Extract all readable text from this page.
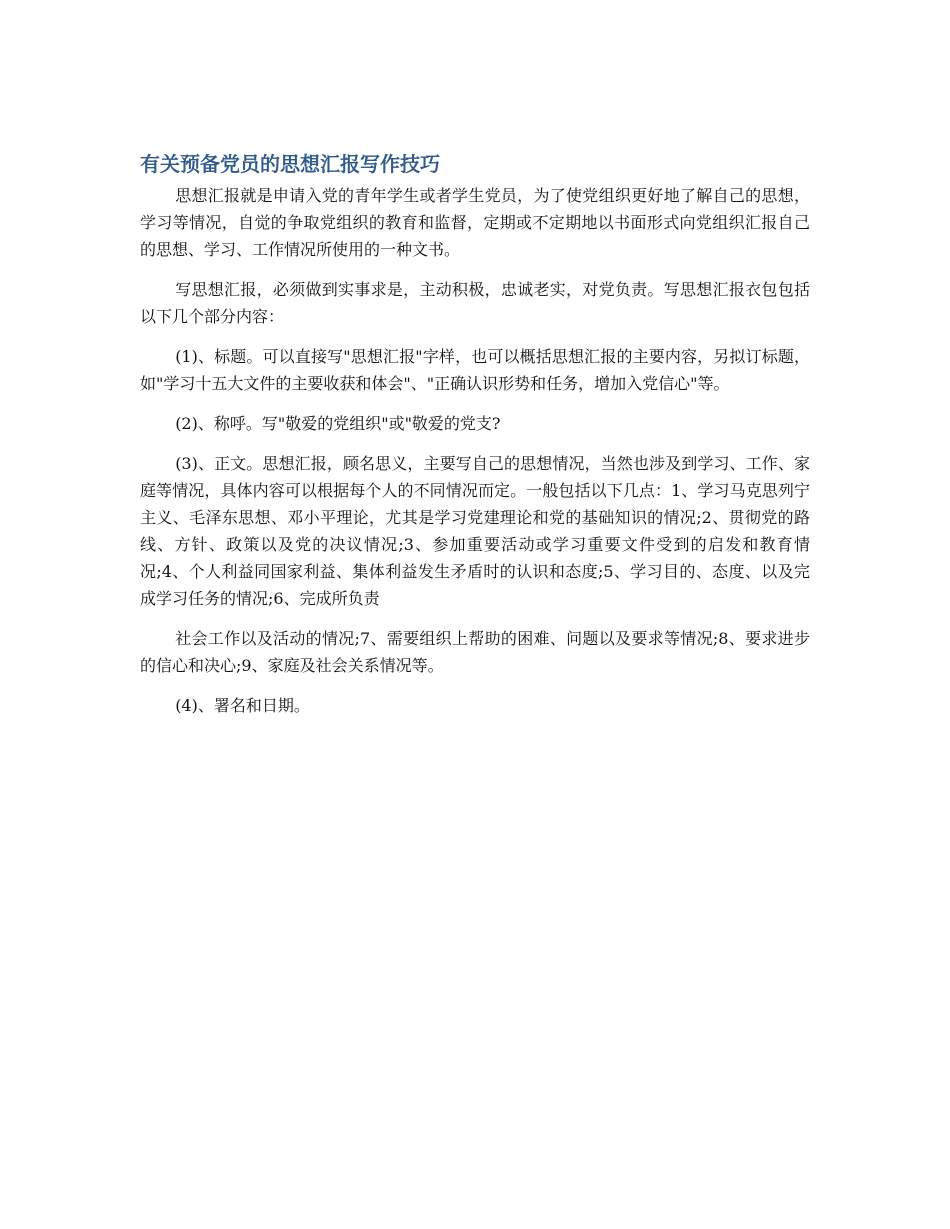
有关预备党员的思想汇报写作技巧

思想汇报就是申请入党的青年学生或者学生党员，为了使党组织更好地了解自己的思想，学习等情况，自觉的争取党组织的教育和监督，定期或不定期地以书面形式向党组织汇报自己的思想、学习、工作情况所使用的一种文书。

写思想汇报，必须做到实事求是，主动积极，忠诚老实，对党负责。写思想汇报衣包包括以下几个部分内容：

(1)、标题。可以直接写"思想汇报"字样，也可以概括思想汇报的主要内容，另拟订标题，如"学习十五大文件的主要收获和体会"、"正确认识形势和任务，增加入党信心"等。

(2)、称呼。写"敬爱的党组织"或"敬爱的党支?

(3)、正文。思想汇报，顾名思义，主要写自己的思想情况，当然也涉及到学习、工作、家庭等情况，具体内容可以根据每个人的不同情况而定。一般包括以下几点：1、学习马克思列宁主义、毛泽东思想、邓小平理论，尤其是学习党建理论和党的基础知识的情况;2、贯彻党的路线、方针、政策以及党的决议情况;3、参加重要活动或学习重要文件受到的启发和教育情况;4、个人利益同国家利益、集体利益发生矛盾时的认识和态度;5、学习目的、态度、以及完成学习任务的情况;6、完成所负责

社会工作以及活动的情况;7、需要组织上帮助的困难、问题以及要求等情况;8、要求进步的信心和决心;9、家庭及社会关系情况等。

(4)、署名和日期。
